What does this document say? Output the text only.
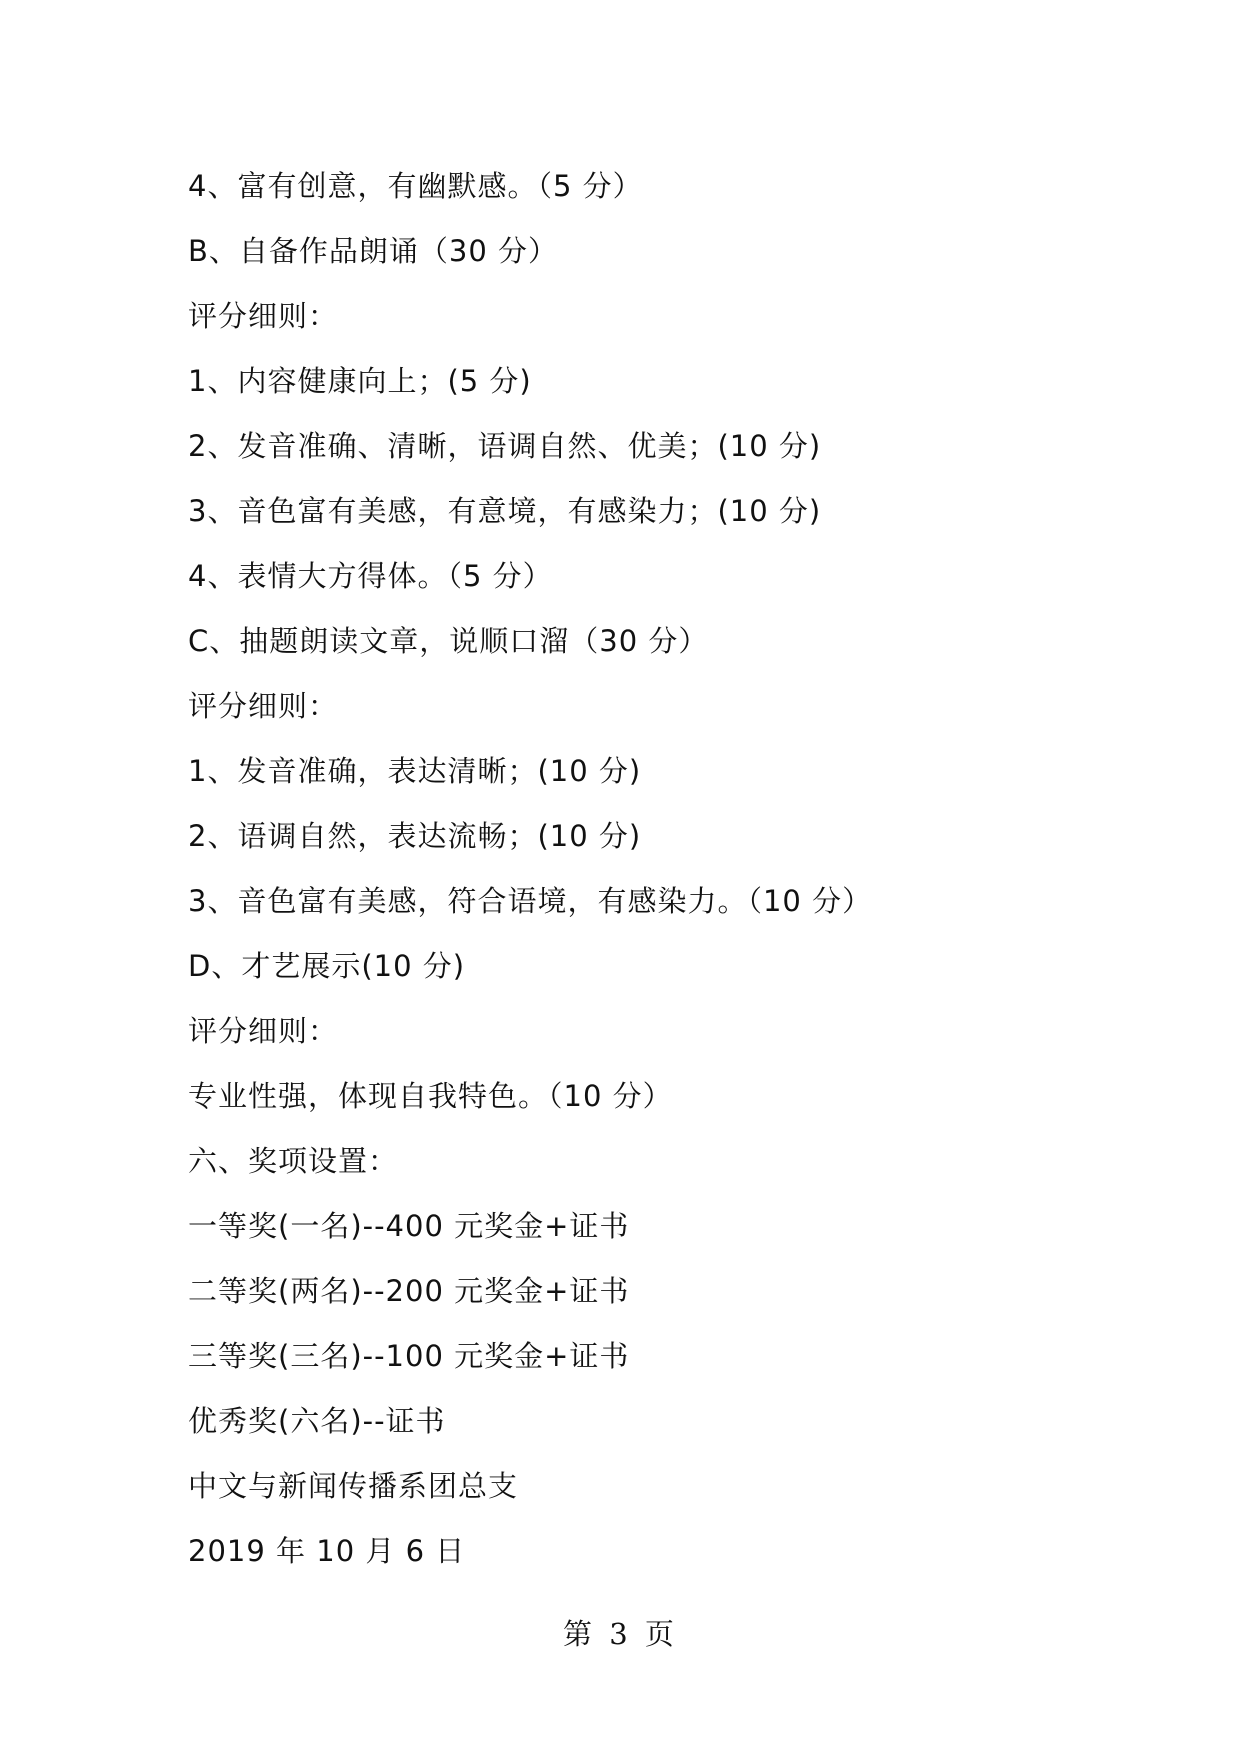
4、富有创意，有幽默感。（5 分）
B、自备作品朗诵（30 分）
评分细则：
1、内容健康向上；(5 分)
2、发音准确、清晰，语调自然、优美；(10 分)
3、音色富有美感，有意境，有感染力；(10 分)
4、表情大方得体。（5 分）
C、抽题朗读文章，说顺口溜（30 分）
评分细则：
1、发音准确，表达清晰；(10 分)
2、语调自然，表达流畅；(10 分)
3、音色富有美感，符合语境，有感染力。（10 分）
D、才艺展示(10 分)
评分细则：
专业性强，体现自我特色。（10 分）
六、奖项设置：
一等奖(一名)--400 元奖金+证书
二等奖(两名)--200 元奖金+证书
三等奖(三名)--100 元奖金+证书
优秀奖(六名)--证书
中文与新闻传播系团总支
2019 年 10 月 6 日
第 3 页
